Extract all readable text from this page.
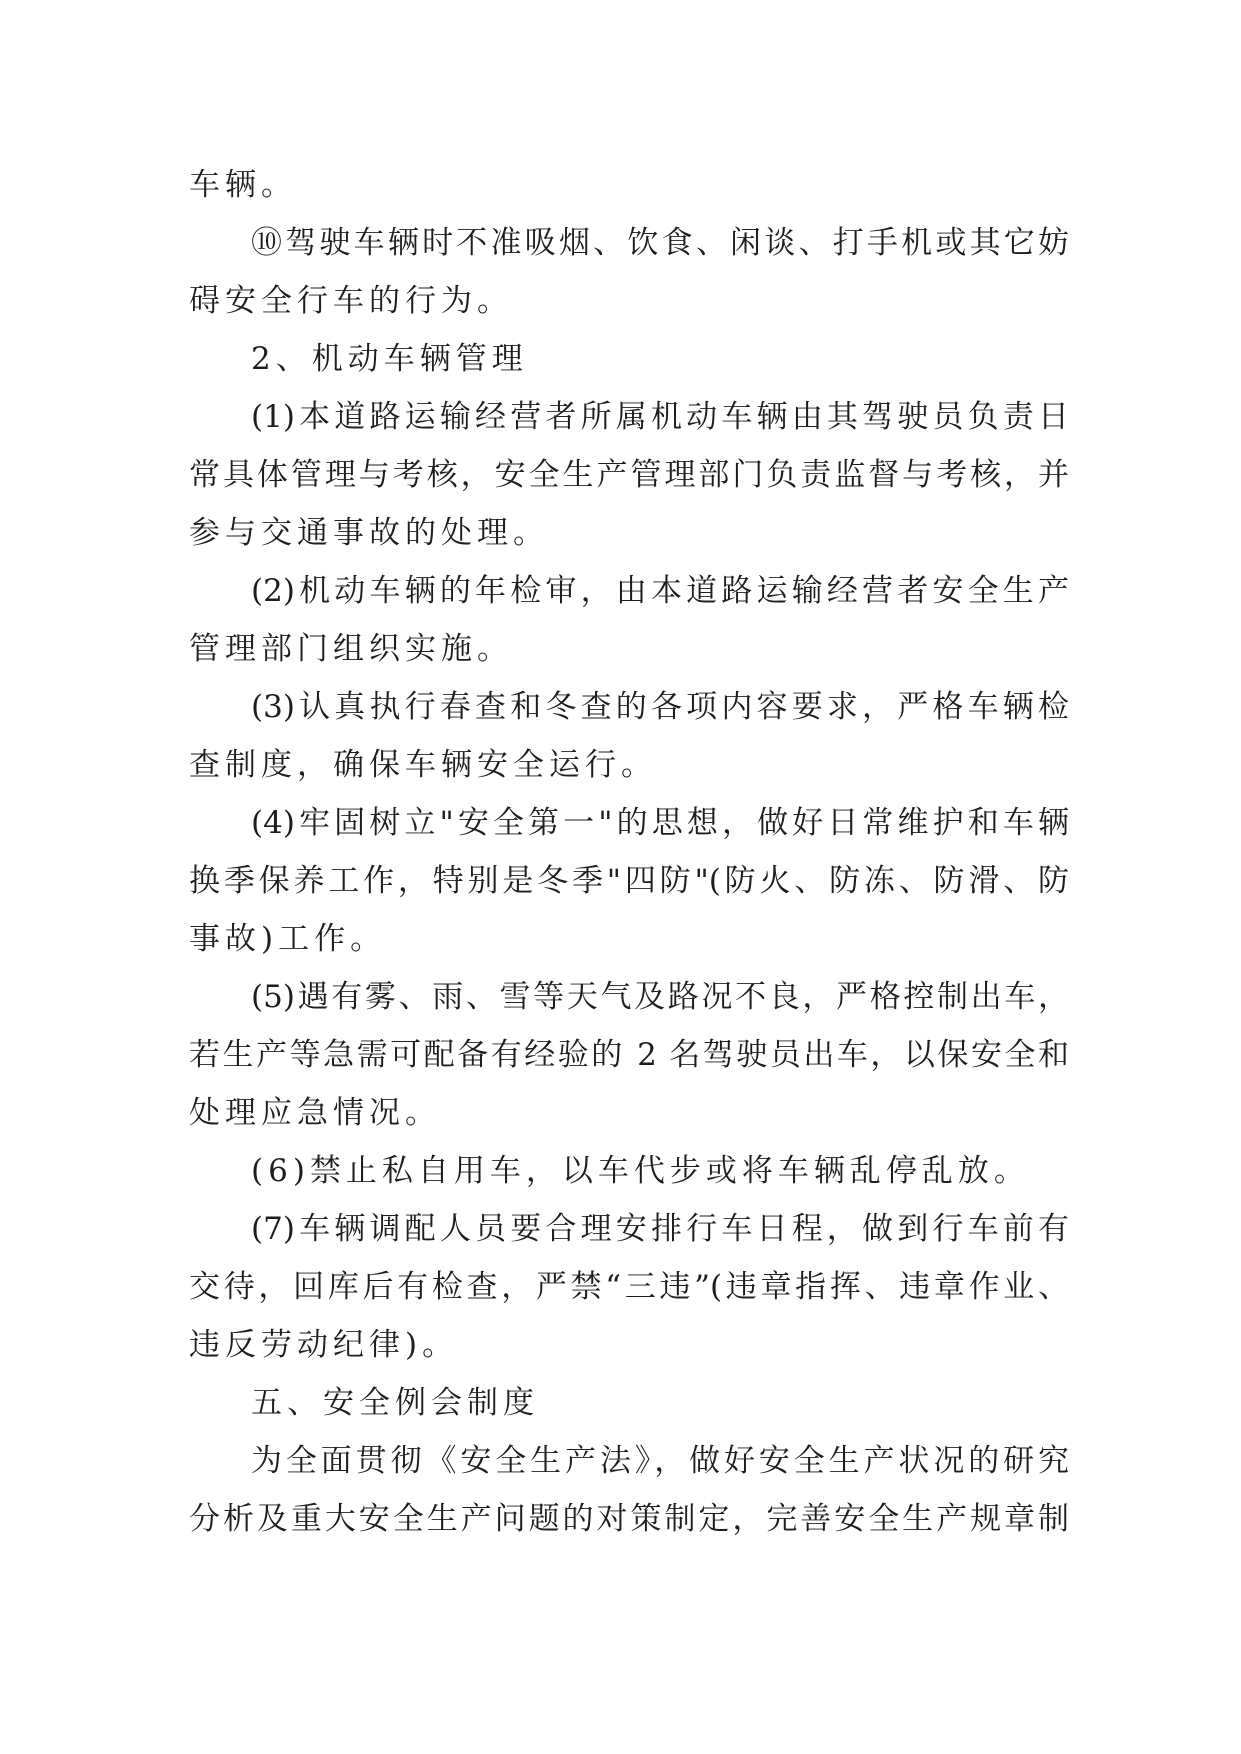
车辆。
⑩驾驶车辆时不准吸烟、饮食、闲谈、打手机或其它妨
碍安全行车的行为。
2、机动车辆管理
(1)本道路运输经营者所属机动车辆由其驾驶员负责日
常具体管理与考核，安全生产管理部门负责监督与考核，并
参与交通事故的处理。
(2)机动车辆的年检审，由本道路运输经营者安全生产
管理部门组织实施。
(3)认真执行春查和冬查的各项内容要求，严格车辆检
查制度，确保车辆安全运行。
(4)牢固树立"安全第一"的思想，做好日常维护和车辆
换季保养工作，特别是冬季"四防"(防火、防冻、防滑、防
事故)工作。
(5)遇有雾、雨、雪等天气及路况不良，严格控制出车，
若生产等急需可配备有经验的 2 名驾驶员出车，以保安全和
处理应急情况。
(6)禁止私自用车，以车代步或将车辆乱停乱放。
(7)车辆调配人员要合理安排行车日程，做到行车前有
交待，回库后有检查，严禁“三违”(违章指挥、违章作业、
违反劳动纪律)。
五、安全例会制度
为全面贯彻《安全生产法》，做好安全生产状况的研究
分析及重大安全生产问题的对策制定，完善安全生产规章制
